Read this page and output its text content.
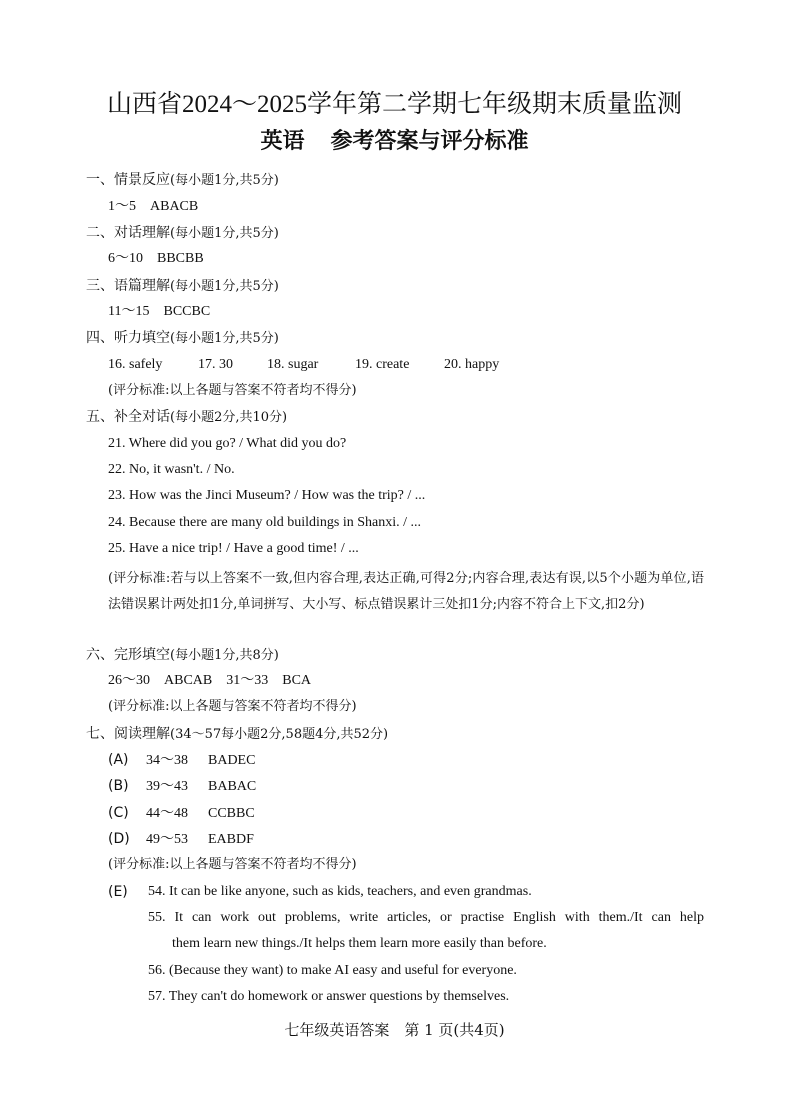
山西省2024～2025学年第二学期七年级期末质量监测
英语 参考答案与评分标准
一、情景反应(每小题1分,共5分)
1～5　ABACB
二、对话理解(每小题1分,共5分)
6～10　BBCBB
三、语篇理解(每小题1分,共5分)
11～15　BCCBC
四、听力填空(每小题1分,共5分)
16. safely	17. 30 18. sugar	19. create 20. happy
(评分标准:以上各题与答案不符者均不得分)
五、补全对话(每小题2分,共10分)
21. Where did you go? / What did you do?
22. No, it wasn't. / No.
23. How was the Jinci Museum? / How was the trip? / ...
24. Because there are many old buildings in Shanxi. / ...
25. Have a nice trip! / Have a good time! / ...
(评分标准:若与以上答案不一致,但内容合理,表达正确,可得2分;内容合理,表达有误,以5个小题为单位,语法错误累计两处扣1分,单词拼写、大小写、标点错误累计三处扣1分;内容不符合上下文,扣2分)
六、完形填空(每小题1分,共8分)
26～30　ABCAB　31～33　BCA
(评分标准:以上各题与答案不符者均不得分)
七、阅读理解(34～57每小题2分,58题4分,共52分)
(A) 34～38 BADEC
(B) 39～43 BABAC
(C) 44～48 CCBBC
(D) 49～53 EABDF
(评分标准:以上各题与答案不符者均不得分)
(E)	54. It can be like anyone, such as kids, teachers, and even grandmas.
55. It can work out problems, write articles, or practise English with them./It can help
them learn new things./It helps them learn more easily than before.
56. (Because they want) to make AI easy and useful for everyone.
57. They can't do homework or answer questions by themselves.
七年级英语答案　第 1 页(共4页)
